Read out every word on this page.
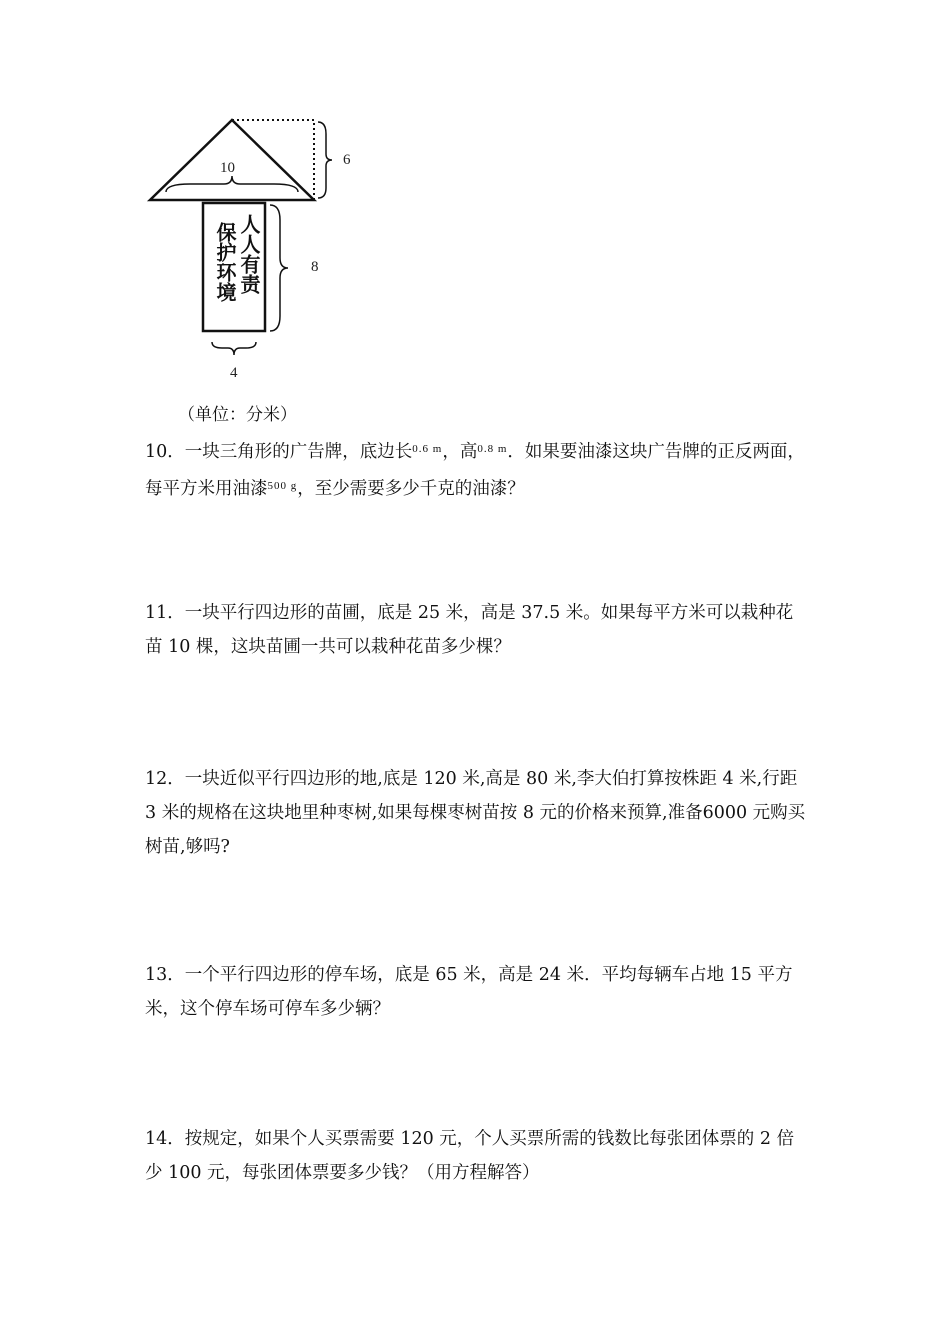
10	6
8
4
人人有责
保护环境
（单位：分米）

10．一块三角形的广告牌，底边长$^{0.6 m}$，高$^{0.8 m}$．如果要油漆这块广告牌的正反两面，每平方米用油漆$^{500 g}$，至少需要多少千克的油漆？

11．一块平行四边形的苗圃，底是 25 米，高是 37.5 米。如果每平方米可以栽种花苗 10 棵，这块苗圃一共可以栽种花苗多少棵？

12．一块近似平行四边形的地,底是 120 米,高是 80 米,李大伯打算按株距 4 米,行距 3 米的规格在这块地里种枣树,如果每棵枣树苗按 8 元的价格来预算,准备6000 元购买树苗,够吗?

13．一个平行四边形的停车场，底是 65 米，高是 24 米．平均每辆车占地 15 平方米，这个停车场可停车多少辆？

14．按规定，如果个人买票需要 120 元，个人买票所需的钱数比每张团体票的 2 倍少 100 元，每张团体票要多少钱？（用方程解答）
